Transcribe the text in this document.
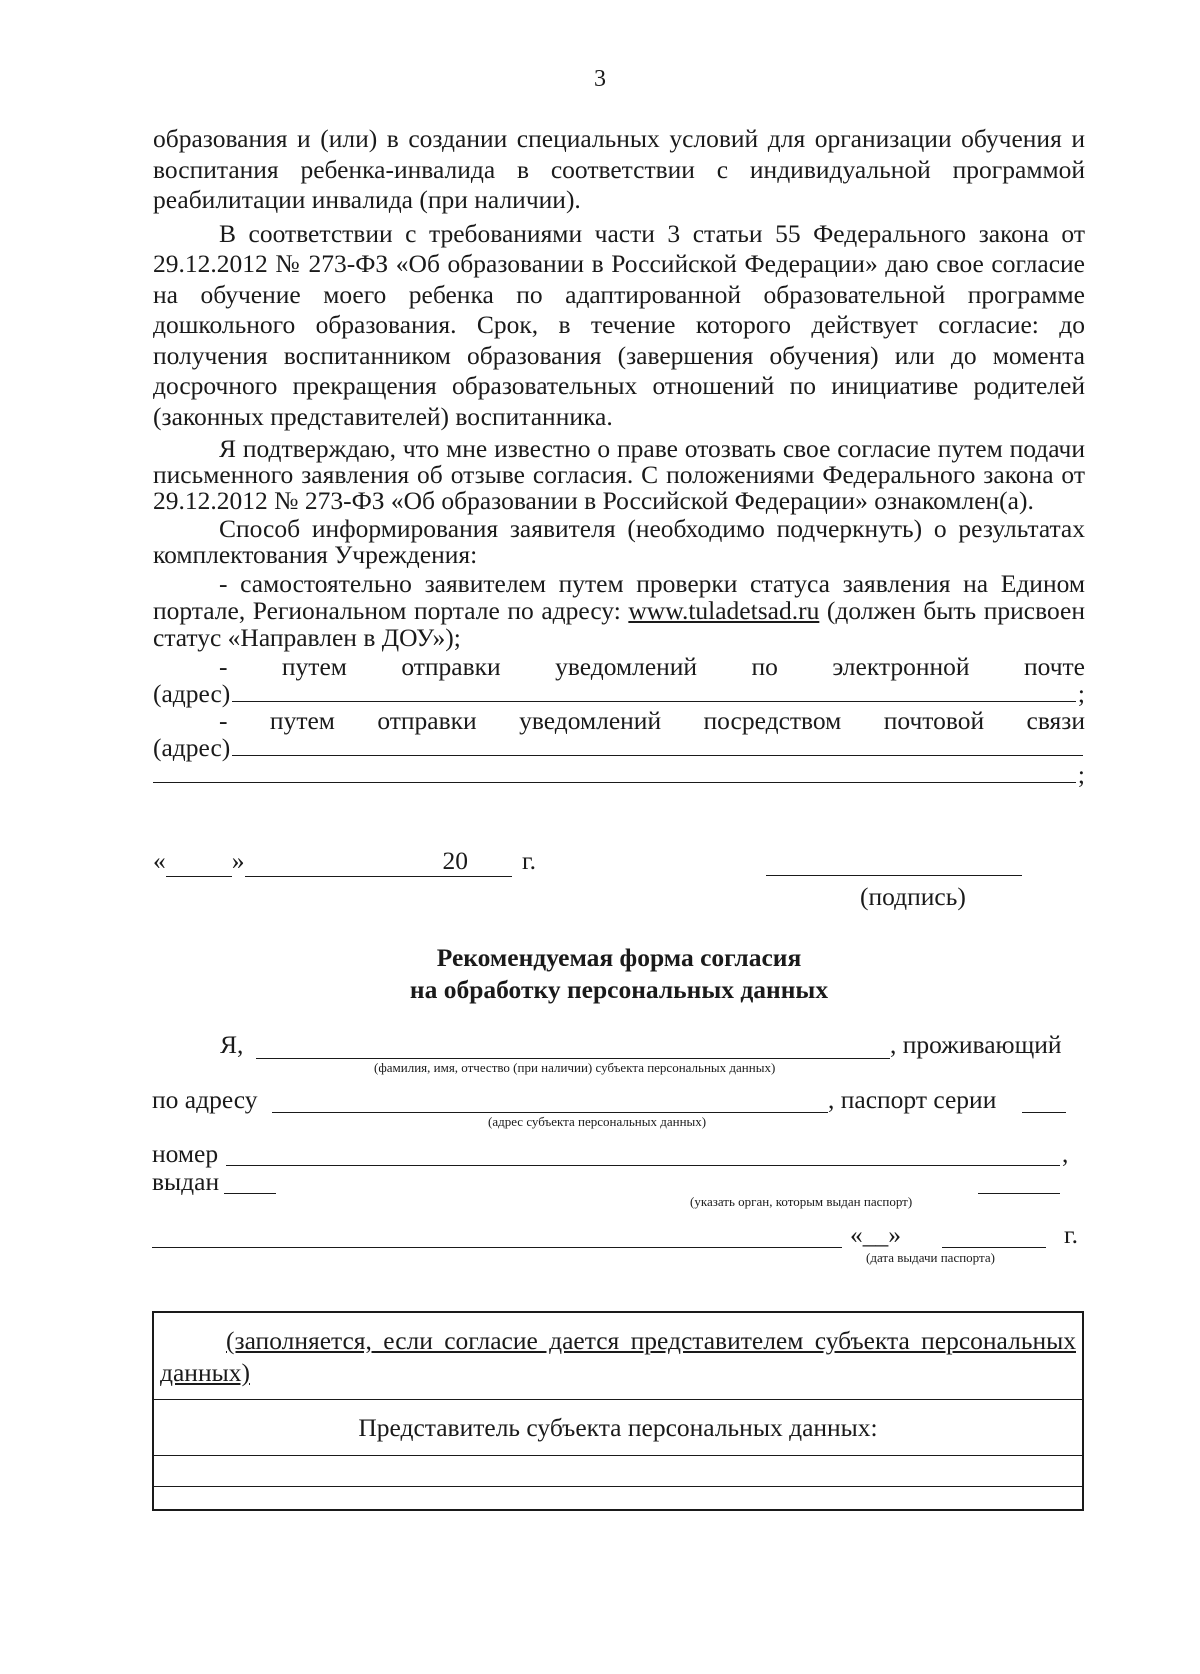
3

образования и (или) в создании специальных условий для организации обучения и воспитания ребенка-инвалида в соответствии с индивидуальной программой реабилитации инвалида (при наличии).

В соответствии с требованиями части 3 статьи 55 Федерального закона от 29.12.2012 № 273-ФЗ «Об образовании в Российской Федерации» даю свое согласие на обучение моего ребенка по адаптированной образовательной программе дошкольного образования. Срок, в течение которого действует согласие: до получения воспитанником образования (завершения обучения) или до момента досрочного прекращения образовательных отношений по инициативе родителей (законных представителей) воспитанника.

Я подтверждаю, что мне известно о праве отозвать свое согласие путем подачи письменного заявления об отзыве согласия. С положениями Федерального закона от 29.12.2012 № 273-ФЗ «Об образовании в Российской Федерации» ознакомлен(а).

Способ информирования заявителя (необходимо подчеркнуть) о результатах комплектования Учреждения:

- самостоятельно заявителем путем проверки статуса заявления на Едином портале, Региональном портале по адресу: www.tuladetsad.ru (должен быть присвоен статус «Направлен в ДОУ»);

- путем отправки уведомлений по электронной почте

(адрес)	;

- путем отправки уведомлений посредством почтовой связи

(адрес)
;
«	»	20 г.
(подпись)
Рекомендуемая форма согласия
на обработку персональных данных
Я,	, проживающий
(фамилия, имя, отчество (при наличии) субъекта персональных данных)
по адресу	, паспорт серии
(адрес субъекта персональных данных)
номер	,
выдан
(указать орган, которым выдан паспорт)
«__»	г.
(дата выдачи паспорта)
(заполняется, если согласие дается представителем субъекта персональных данных)
Представитель субъекта персональных данных:
